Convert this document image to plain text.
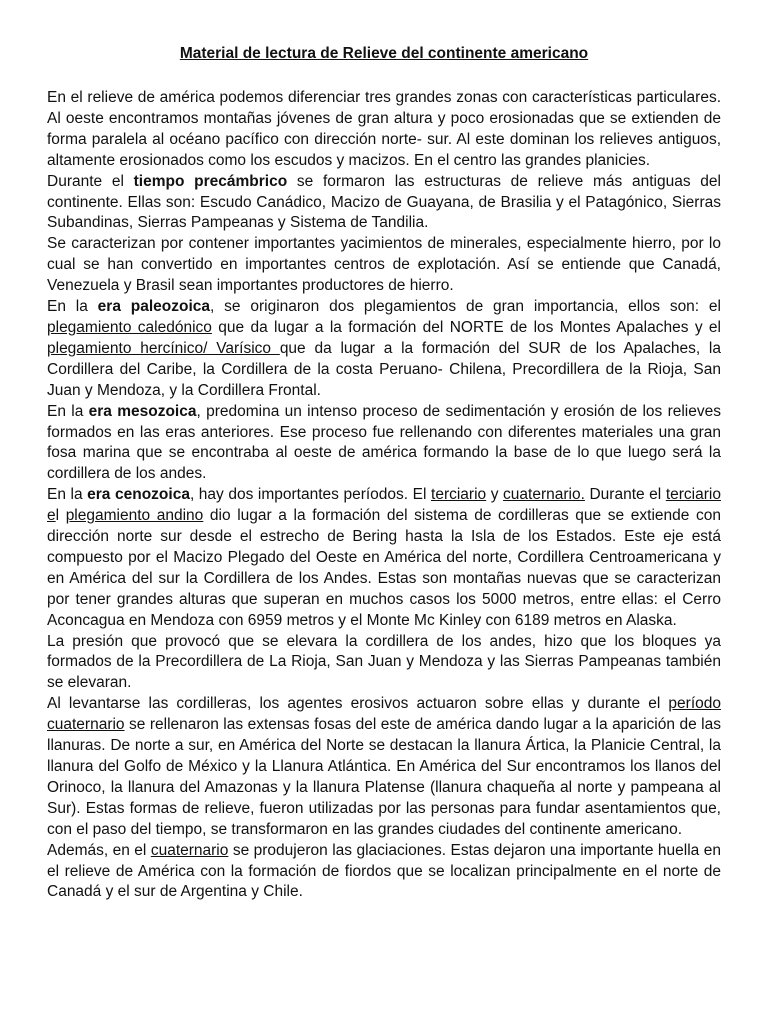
Material de lectura de Relieve del continente americano

En el relieve de américa podemos diferenciar tres grandes zonas con características particulares. Al oeste encontramos montañas jóvenes de gran altura y poco erosionadas que se extienden de forma paralela al océano pacífico con dirección norte- sur. Al este dominan los relieves antiguos, altamente erosionados como los escudos y macizos. En el centro las grandes planicies.

Durante el tiempo precámbrico se formaron las estructuras de relieve más antiguas del continente. Ellas son: Escudo Canádico, Macizo de Guayana, de Brasilia y el Patagónico, Sierras Subandinas, Sierras Pampeanas y Sistema de Tandilia.

Se caracterizan por contener importantes yacimientos de minerales, especialmente hierro, por lo cual se han convertido en importantes centros de explotación. Así se entiende que Canadá, Venezuela y Brasil sean importantes productores de hierro.

En la era paleozoica, se originaron dos plegamientos de gran importancia, ellos son: el plegamiento caledónico que da lugar a la formación del NORTE de los Montes Apalaches y el plegamiento hercínico/ Varísico que da lugar a la formación del SUR de los Apalaches, la Cordillera del Caribe, la Cordillera de la costa Peruano- Chilena, Precordillera de la Rioja, San Juan y Mendoza, y la Cordillera Frontal.

En la era mesozoica, predomina un intenso proceso de sedimentación y erosión de los relieves formados en las eras anteriores. Ese proceso fue rellenando con diferentes materiales una gran fosa marina que se encontraba al oeste de américa formando la base de lo que luego será la cordillera de los andes.

En la era cenozoica, hay dos importantes períodos. El terciario y cuaternario. Durante el terciario el plegamiento andino dio lugar a la formación del sistema de cordilleras que se extiende con dirección norte sur desde el estrecho de Bering hasta la Isla de los Estados. Este eje está compuesto por el Macizo Plegado del Oeste en América del norte, Cordillera Centroamericana y en América del sur la Cordillera de los Andes. Estas son montañas nuevas que se caracterizan por tener grandes alturas que superan en muchos casos los 5000 metros, entre ellas: el Cerro Aconcagua en Mendoza con 6959 metros y el Monte Mc Kinley con 6189 metros en Alaska.

La presión que provocó que se elevara la cordillera de los andes, hizo que los bloques ya formados de la Precordillera de La Rioja, San Juan y Mendoza y las Sierras Pampeanas también se elevaran.

Al levantarse las cordilleras, los agentes erosivos actuaron sobre ellas y durante el período cuaternario se rellenaron las extensas fosas del este de américa dando lugar a la aparición de las llanuras. De norte a sur, en América del Norte se destacan la llanura Ártica, la Planicie Central, la llanura del Golfo de México y la Llanura Atlántica. En América del Sur encontramos los llanos del Orinoco, la llanura del Amazonas y la llanura Platense (llanura chaqueña al norte y pampeana al Sur). Estas formas de relieve, fueron utilizadas por las personas para fundar asentamientos que, con el paso del tiempo, se transformaron en las grandes ciudades del continente americano.

Además, en el cuaternario se produjeron las glaciaciones. Estas dejaron una importante huella en el relieve de América con la formación de fiordos que se localizan principalmente en el norte de Canadá y el sur de Argentina y Chile.
